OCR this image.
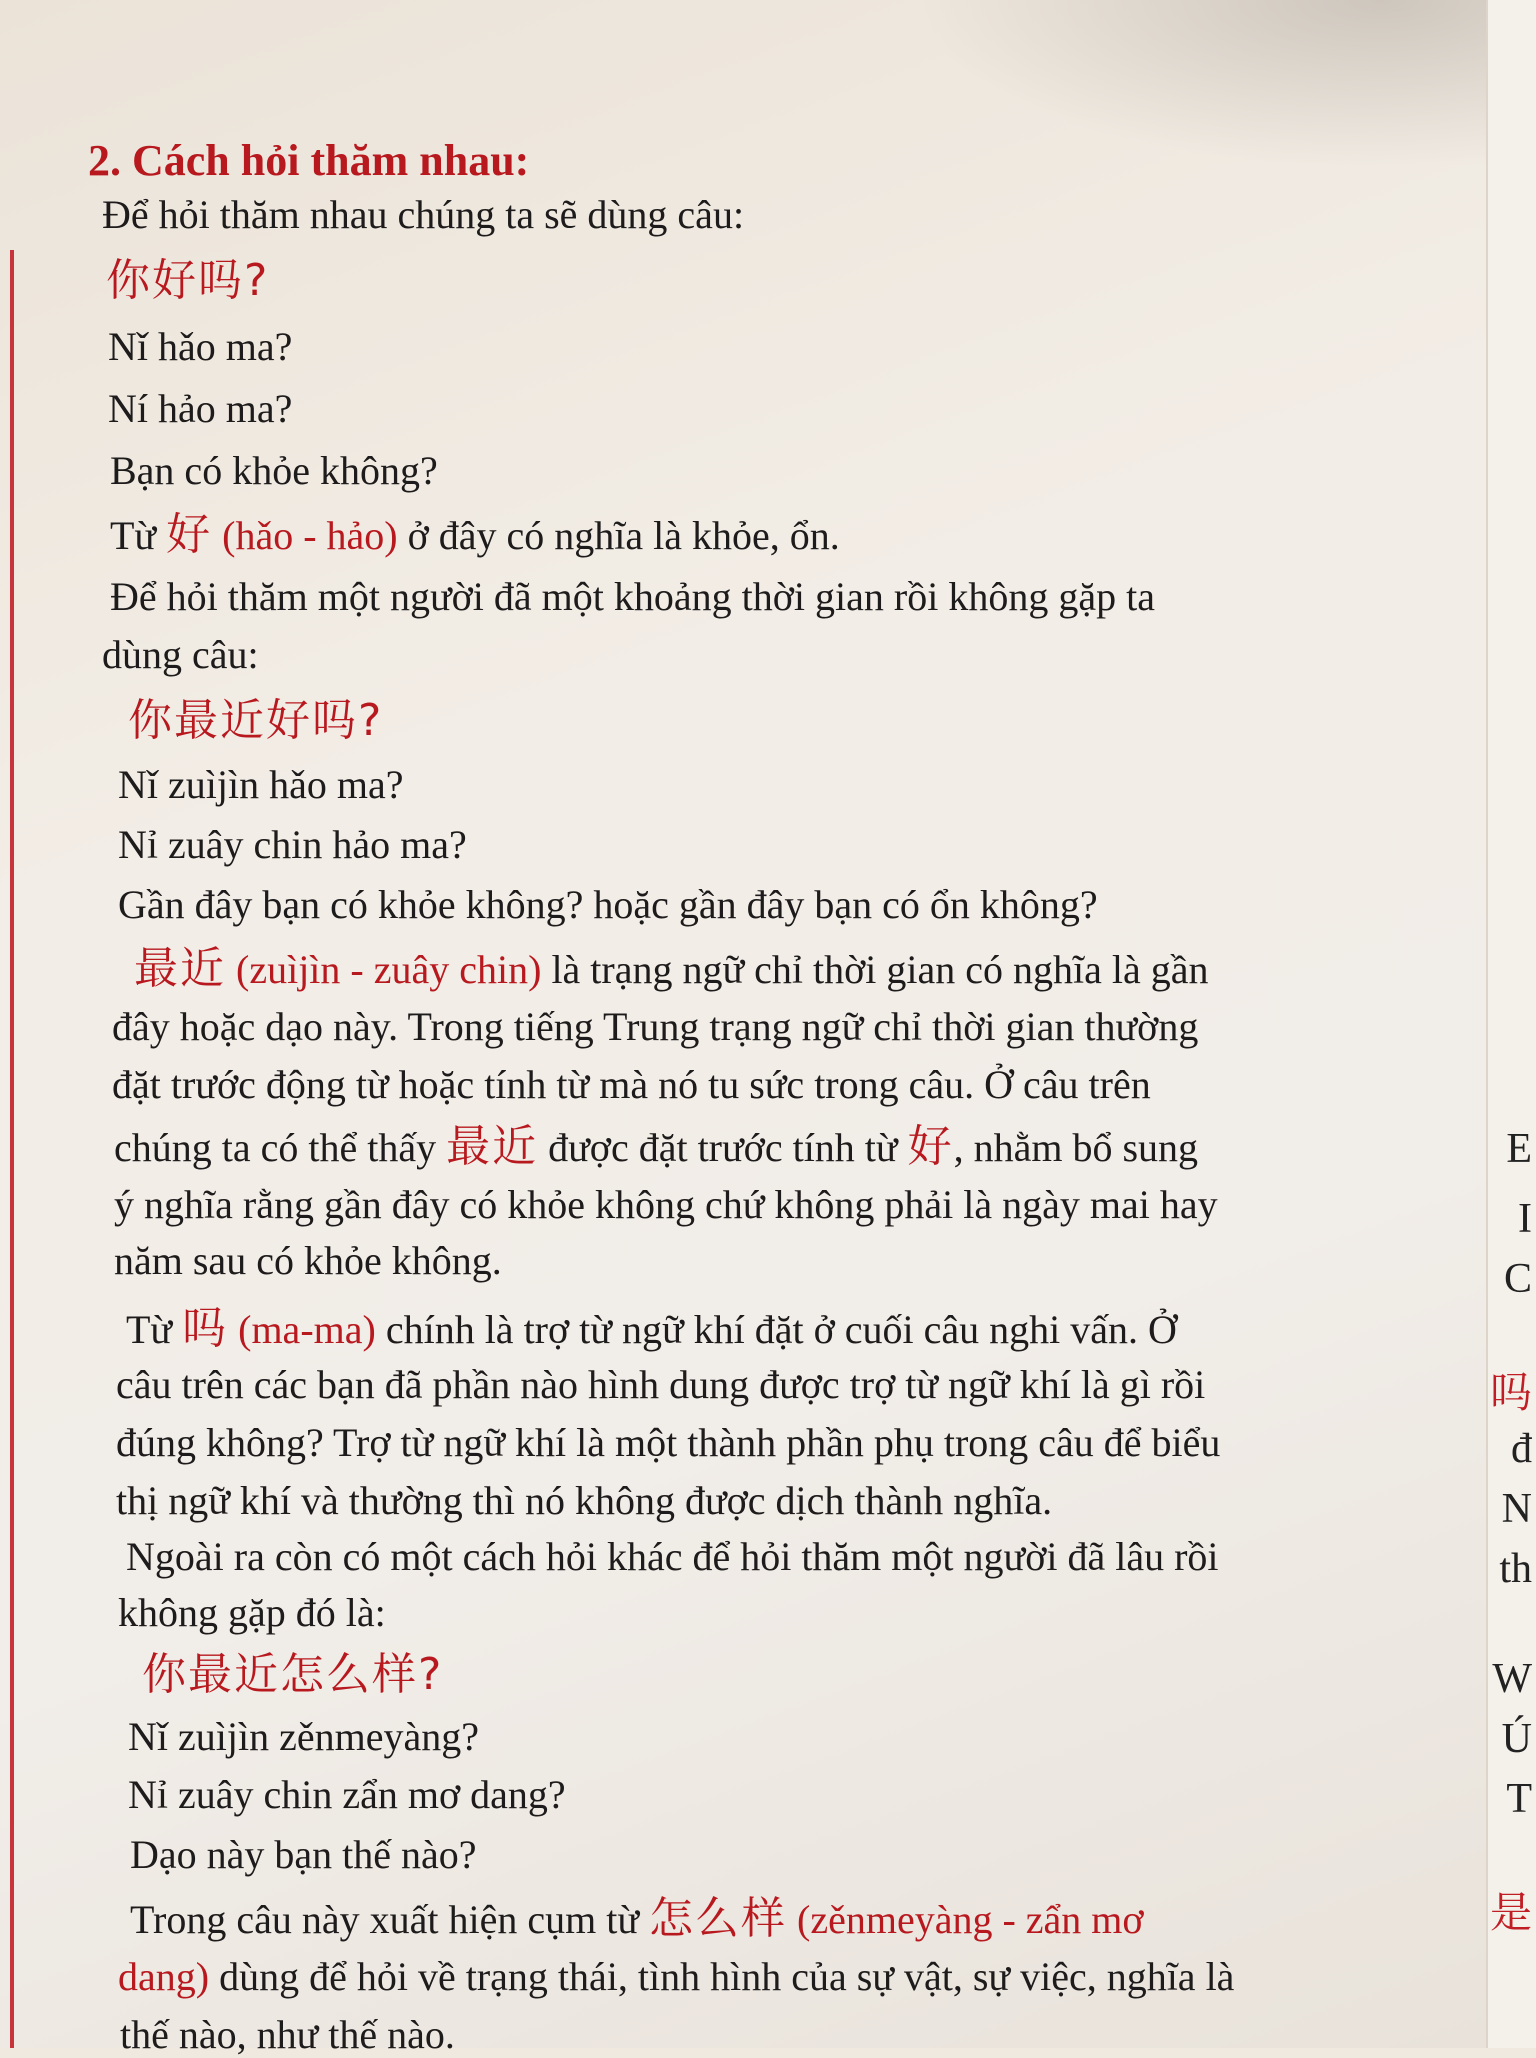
2. Cách hỏi thăm nhau:
Để hỏi thăm nhau chúng ta sẽ dùng câu:
你好吗?
Nǐ hǎo ma?
Ní hảo ma?
Bạn có khỏe không?
Từ 好 (hǎo - hảo) ở đây có nghĩa là khỏe, ổn.
Để hỏi thăm một người đã một khoảng thời gian rồi không gặp ta
dùng câu:
你最近好吗?
Nǐ zuìjìn hǎo ma?
Nỉ zuây chin hảo ma?
Gần đây bạn có khỏe không? hoặc gần đây bạn có ổn không?
最近 (zuìjìn - zuây chin) là trạng ngữ chỉ thời gian có nghĩa là gần
đây hoặc dạo này. Trong tiếng Trung trạng ngữ chỉ thời gian thường
đặt trước động từ hoặc tính từ mà nó tu sức trong câu. Ở câu trên
chúng ta có thể thấy 最近 được đặt trước tính từ 好, nhằm bổ sung
ý nghĩa rằng gần đây có khỏe không chứ không phải là ngày mai hay
năm sau có khỏe không.
Từ 吗 (ma-ma) chính là trợ từ ngữ khí đặt ở cuối câu nghi vấn. Ở
câu trên các bạn đã phần nào hình dung được trợ từ ngữ khí là gì rồi
đúng không? Trợ từ ngữ khí là một thành phần phụ trong câu để biểu
thị ngữ khí và thường thì nó không được dịch thành nghĩa.
Ngoài ra còn có một cách hỏi khác để hỏi thăm một người đã lâu rồi
không gặp đó là:
你最近怎么样?
Nǐ zuìjìn zěnmeyàng?
Nỉ zuây chin zẩn mơ dang?
Dạo này bạn thế nào?
Trong câu này xuất hiện cụm từ 怎么样 (zěnmeyàng - zẩn mơ
dang) dùng để hỏi về trạng thái, tình hình của sự vật, sự việc, nghĩa là
thế nào, như thế nào.
E
I
C
吗
đ
N
th
W
Ú
T
是
